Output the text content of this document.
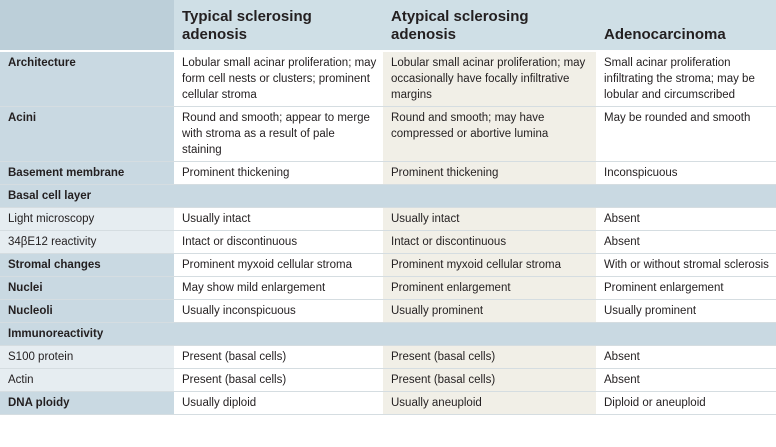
	Typical sclerosing adenosis	Atypical sclerosing adenosis	Adenocarcinoma

Architecture	Lobular small acinar proliferation; may form cell nests or clusters; prominent cellular stroma	Lobular small acinar proliferation; may occasionally have focally infiltrative margins	Small acinar proliferation infiltrating the stroma; may be lobular and circumscribed

Acini	Round and smooth; appear to merge with stroma as a result of pale staining	Round and smooth; may have compressed or abortive lumina	May be rounded and smooth

Basement membrane	Prominent thickening	Prominent thickening	Inconspicuous

Basal cell layer			

Light microscopy	Usually intact	Usually intact	Absent

34βE12 reactivity	Intact or discontinuous	Intact or discontinuous	Absent

Stromal changes	Prominent myxoid cellular stroma	Prominent myxoid cellular stroma	With or without stromal sclerosis

Nuclei	May show mild enlargement	Prominent enlargement	Prominent enlargement

Nucleoli	Usually inconspicuous	Usually prominent	Usually prominent

Immunoreactivity			

S100 protein	Present (basal cells)	Present (basal cells)	Absent

Actin	Present (basal cells)	Present (basal cells)	Absent

DNA ploidy	Usually diploid	Usually aneuploid	Diploid or aneuploid
